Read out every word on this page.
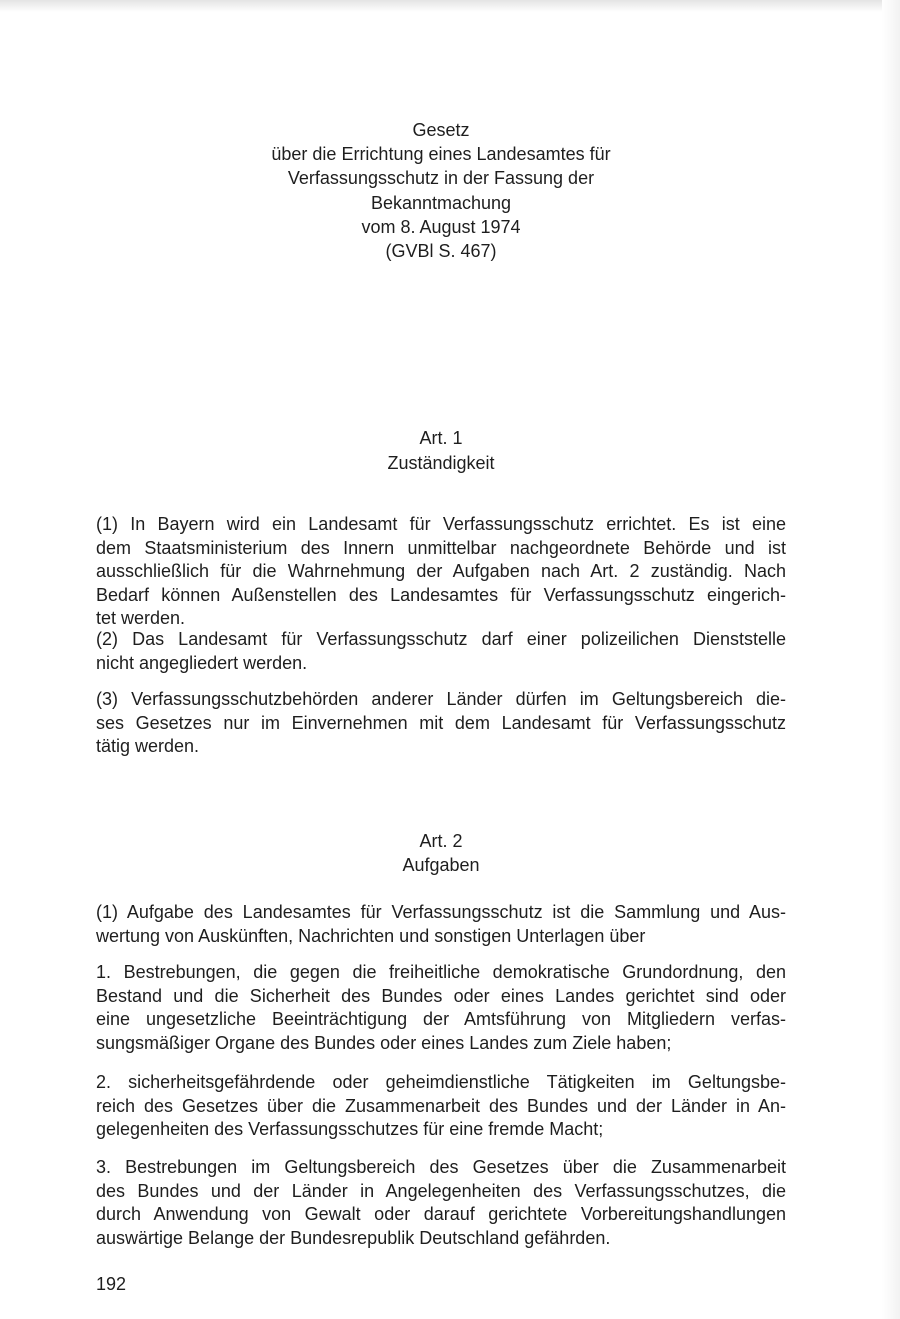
Gesetz
über die Errichtung eines Landesamtes für
Verfassungsschutz in der Fassung der
Bekanntmachung
vom 8. August 1974
(GVBl S. 467)
Art. 1
Zuständigkeit

(1) In Bayern wird ein Landesamt für Verfassungsschutz errichtet. Es ist eine
dem Staatsministerium des Innern unmittelbar nachgeordnete Behörde und ist
ausschließlich für die Wahrnehmung der Aufgaben nach Art. 2 zuständig. Nach
Bedarf können Außenstellen des Landesamtes für Verfassungsschutz eingerich-
tet werden.

(2) Das Landesamt für Verfassungsschutz darf einer polizeilichen Dienststelle
nicht angegliedert werden.

(3) Verfassungsschutzbehörden anderer Länder dürfen im Geltungsbereich die-
ses Gesetzes nur im Einvernehmen mit dem Landesamt für Verfassungsschutz
tätig werden.

Art. 2
Aufgaben

(1) Aufgabe des Landesamtes für Verfassungsschutz ist die Sammlung und Aus-
wertung von Auskünften, Nachrichten und sonstigen Unterlagen über

1. Bestrebungen, die gegen die freiheitliche demokratische Grundordnung, den
Bestand und die Sicherheit des Bundes oder eines Landes gerichtet sind oder
eine ungesetzliche Beeinträchtigung der Amtsführung von Mitgliedern verfas-
sungsmäßiger Organe des Bundes oder eines Landes zum Ziele haben;

2. sicherheitsgefährdende oder geheimdienstliche Tätigkeiten im Geltungsbe-
reich des Gesetzes über die Zusammenarbeit des Bundes und der Länder in An-
gelegenheiten des Verfassungsschutzes für eine fremde Macht;

3. Bestrebungen im Geltungsbereich des Gesetzes über die Zusammenarbeit
des Bundes und der Länder in Angelegenheiten des Verfassungsschutzes, die
durch Anwendung von Gewalt oder darauf gerichtete Vorbereitungshandlungen
auswärtige Belange der Bundesrepublik Deutschland gefährden.

192
